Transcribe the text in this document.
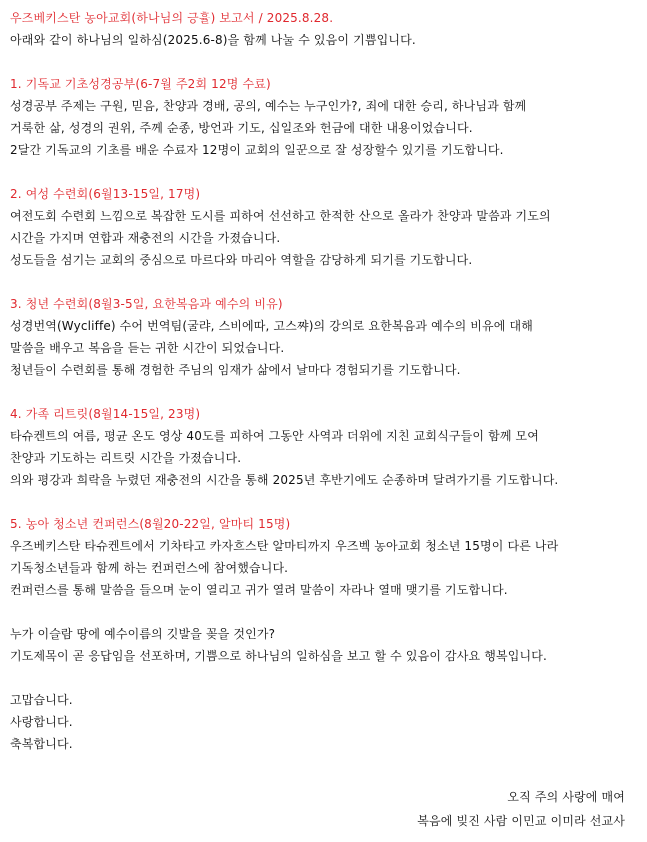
우즈베키스탄 농아교회(하나님의 긍휼) 보고서 / 2025.8.28.
아래와 같이 하나님의 일하심(2025.6-8)을 함께 나눌 수 있음이 기쁨입니다.
1. 기독교 기초성경공부(6-7월 주2회 12명 수료)
성경공부 주제는 구원, 믿음, 찬양과 경배, 공의, 예수는 누구인가?, 죄에 대한 승리, 하나님과 함께
거룩한 삶, 성경의 권위, 주께 순종, 방언과 기도, 십일조와 헌금에 대한 내용이었습니다.
2달간 기독교의 기초를 배운 수료자 12명이 교회의 일꾼으로 잘 성장할수 있기를 기도합니다.
2. 여성 수련회(6월13-15일, 17명)
여전도회 수련회 느낌으로 복잡한 도시를 피하여 선선하고 한적한 산으로 올라가 찬양과 말씀과 기도의
시간을 가지며 연합과 재충전의 시간을 가졌습니다.
성도들을 섬기는 교회의 중심으로 마르다와 마리아 역할을 감당하게 되기를 기도합니다.
3. 청년 수련회(8월3-5일, 요한복음과 예수의 비유)
성경번역(Wycliffe) 수어 번역팀(굴랴, 스비에따, 고스쨔)의 강의로 요한복음과 예수의 비유에 대해
말씀을 배우고 복음을 듣는 귀한 시간이 되었습니다.
청년들이 수련회를 통해 경험한 주님의 임재가 삶에서 날마다 경험되기를 기도합니다.
4. 가족 리트릿(8월14-15일, 23명)
타슈켄트의 여름, 평균 온도 영상 40도를 피하여 그동안 사역과 더위에 지친 교회식구들이 함께 모여
찬양과 기도하는 리트릿 시간을 가졌습니다.
의와 평강과 희락을 누렸던 재충전의 시간을 통해 2025년 후반기에도 순종하며 달려가기를 기도합니다.
5. 농아 청소년 컨퍼런스(8월20-22일, 알마티 15명)
우즈베키스탄 타슈켄트에서 기차타고 카자흐스탄 알마티까지 우즈벡 농아교회 청소년 15명이 다른 나라
기독청소년들과 함께 하는 컨퍼런스에 참여했습니다.
컨퍼런스를 통해 말씀을 들으며 눈이 열리고 귀가 열려 말씀이 자라나 열매 맺기를 기도합니다.
누가 이슬람 땅에 예수이름의 깃발을 꽂을 것인가?
기도제목이 곧 응답임을 선포하며, 기쁨으로 하나님의 일하심을 보고 할 수 있음이 감사요 행복입니다.
고맙습니다.
사랑합니다.
축복합니다.
오직 주의 사랑에 매여
복음에 빚진 사람 이민교 이미라 선교사
